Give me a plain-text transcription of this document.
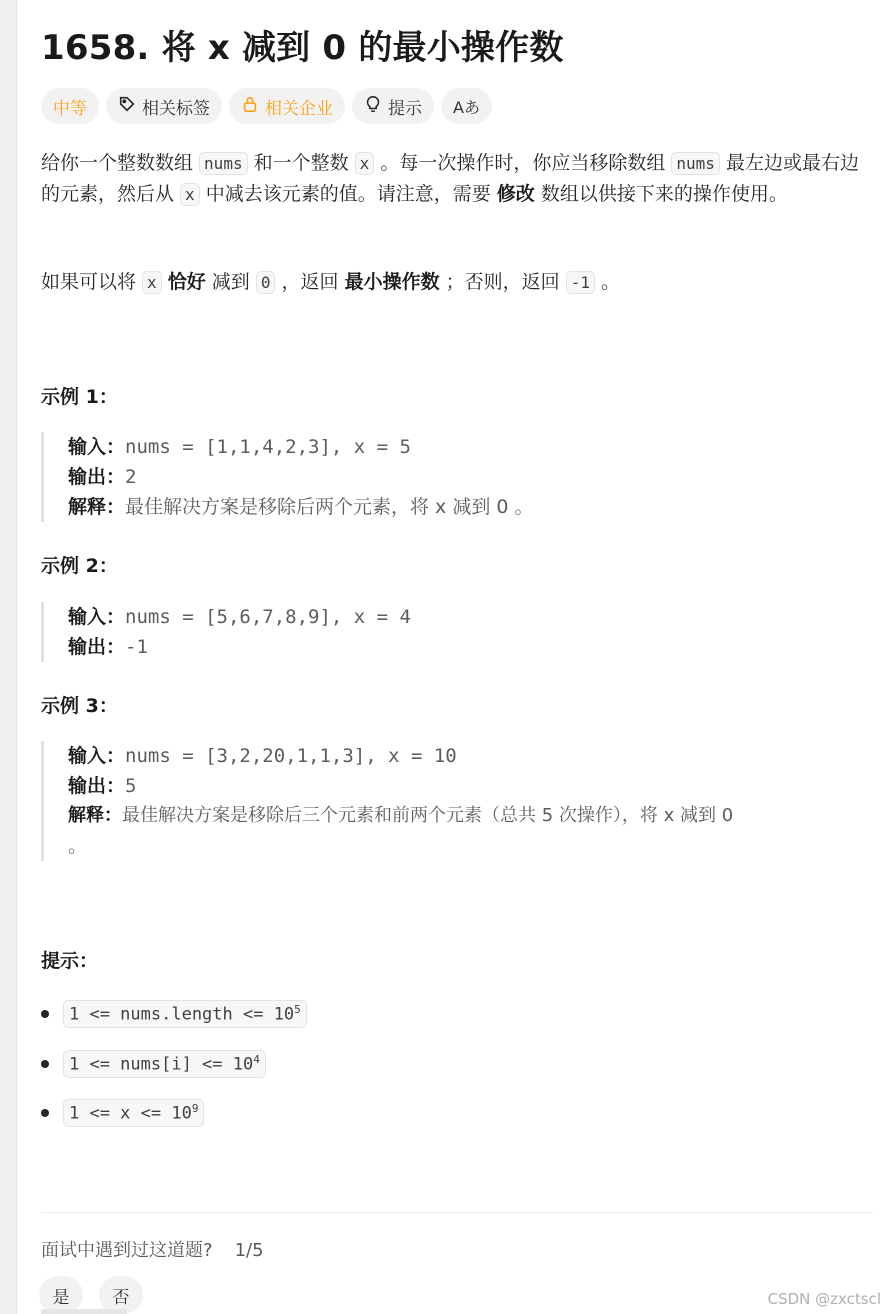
1658. 将 x 减到 0 的最小操作数
中等	相关标签	相关企业	提示 Aあ
给你一个整数数组 nums 和一个整数 x 。每一次操作时，你应当移除数组 nums 最左边或最右边的元素，然后从 x 中减去该元素的值。请注意，需要 修改 数组以供接下来的操作使用。
如果可以将 x 恰好 减到 0 ，返回 最小操作数 ；否则，返回 -1 。
示例 1：
输入：nums = [1,1,4,2,3], x = 5
输出：2
解释：最佳解决方案是移除后两个元素，将 x 减到 0 。
示例 2：
输入：nums = [5,6,7,8,9], x = 4
输出：-1
示例 3：
输入：nums = [3,2,20,1,1,3], x = 10
输出：5
解释：最佳解决方案是移除后三个元素和前两个元素（总共 5 次操作），将 x 减到 0
。
提示：
1 <= nums.length <= $10^5$
1 <= nums[i] <= $10^4$
$1 <= x <= 10^9$
面试中遇到过这道题? 1/5
是	否	CSDN @zxctscl
